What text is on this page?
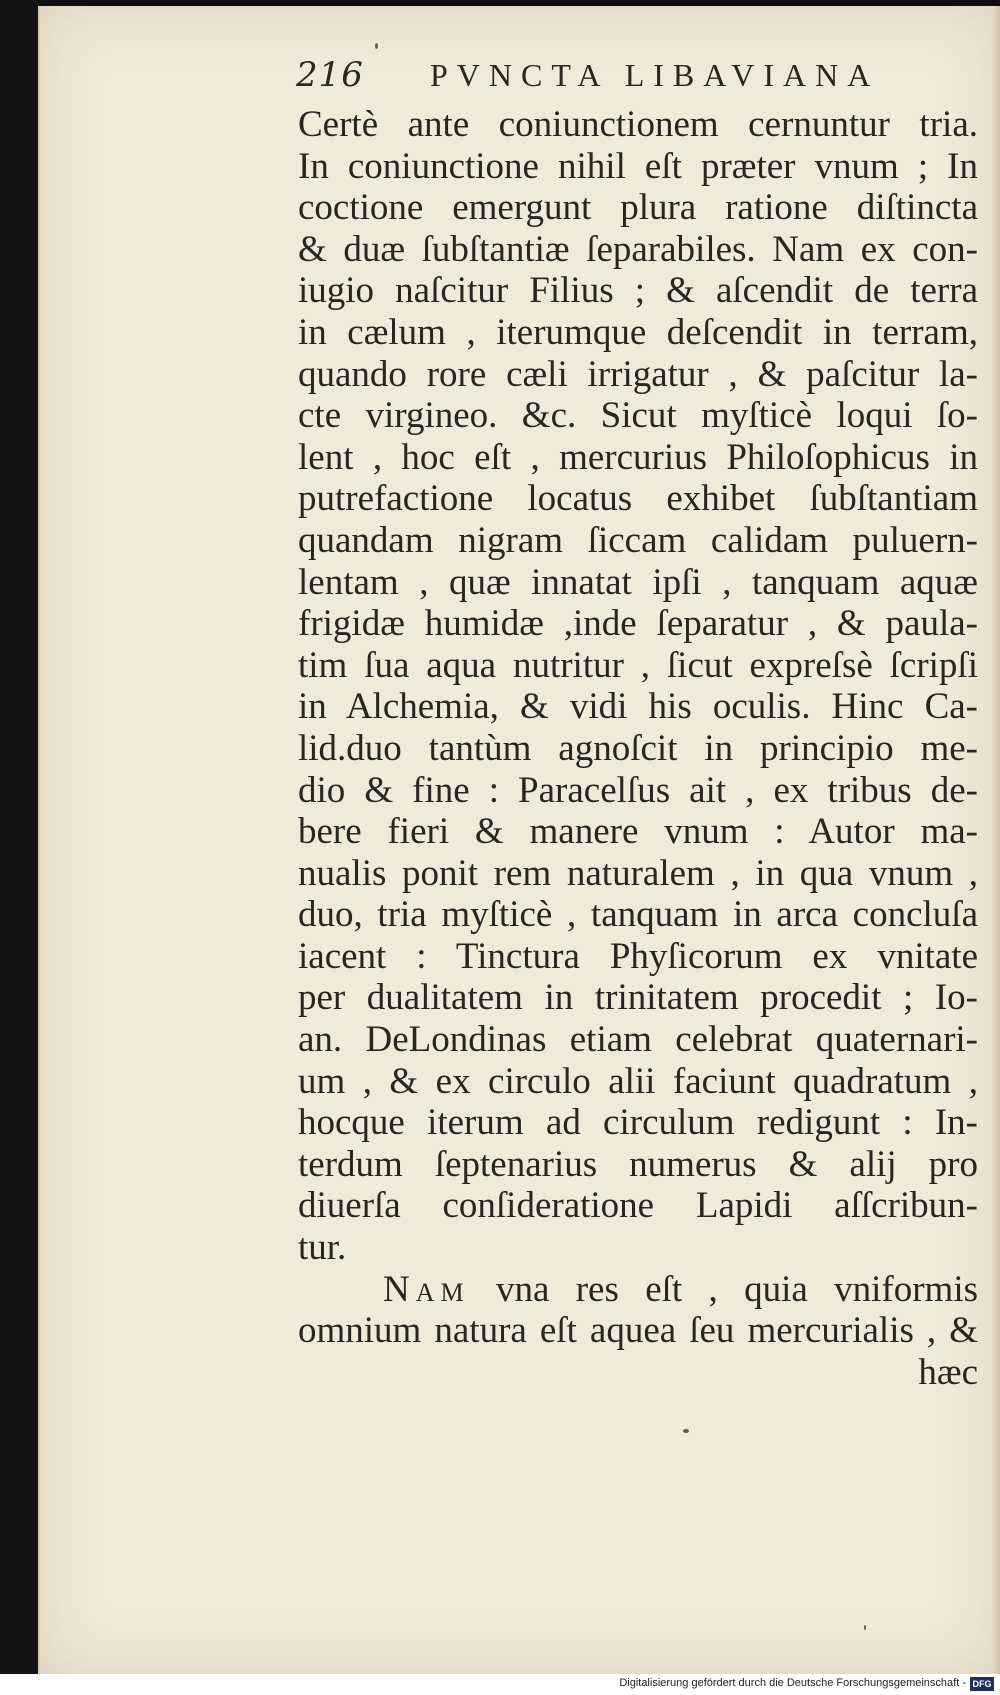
216 PVNCTA LIBAVIANA
Certè ante coniunctionem cernuntur tria.
In coniunctione nihil eſt præter vnum ; In
coctione emergunt plura ratione diſtincta
& duæ ſubſtantiæ ſeparabiles. Nam ex con-
iugio naſcitur Filius ; & aſcendit de terra
in cælum , iterumque deſcendit in terram,
quando rore cæli irrigatur , & paſcitur la-
cte virgineo. &c. Sicut myſticè loqui ſo-
lent , hoc eſt , mercurius Philoſophicus in
putrefactione locatus exhibet ſubſtantiam
quandam nigram ſiccam calidam puluern-
lentam , quæ innatat ipſi , tanquam aquæ
frigidæ humidæ ,inde ſeparatur , & paula-
tim ſua aqua nutritur , ſicut expreſsè ſcripſi
in Alchemia, & vidi his oculis. Hinc Ca-
lid.duo tantùm agnoſcit in principio me-
dio & fine : Paracelſus ait , ex tribus de-
bere fieri & manere vnum : Autor ma-
nualis ponit rem naturalem , in qua vnum ,
duo, tria myſticè , tanquam in arca concluſa
iacent : Tinctura Phyſicorum ex vnitate
per dualitatem in trinitatem procedit ; Io-
an. DeLondinas etiam celebrat quaternari-
um , & ex circulo alii faciunt quadratum ,
hocque iterum ad circulum redigunt : In-
terdum ſeptenarius numerus & alij pro
diuerſa conſideratione Lapidi aſſcribun-
tur.
Nam vna res eſt , quia vniformis
omnium natura eſt aquea ſeu mercurialis , &
hæc
Digitalisierung gefördert durch die Deutsche Forschungsgemeinschaft - DFG
